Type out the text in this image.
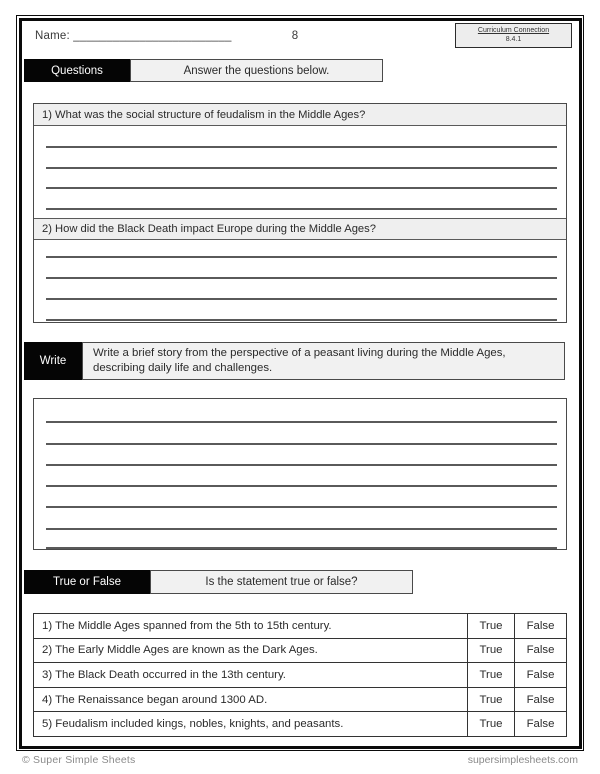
Name: ________________________	8	Curriculum Connection
8.4.1
Questions	Answer the questions below.
1) What was the social structure of feudalism in the Middle Ages?
2) How did the Black Death impact Europe during the Middle Ages?
Write
Write a brief story from the perspective of a peasant living during the Middle Ages, describing daily life and challenges.
True or False	Is the statement true or false?
1) The Middle Ages spanned from the 5th to 15th century.	True	False
2) The Early Middle Ages are known as the Dark Ages.	True	False
3) The Black Death occurred in the 13th century.	True	False
4) The Renaissance began around 1300 AD.	True	False
5) Feudalism included kings, nobles, knights, and peasants.	True	False
© Super Simple Sheets	supersimplesheets.com
